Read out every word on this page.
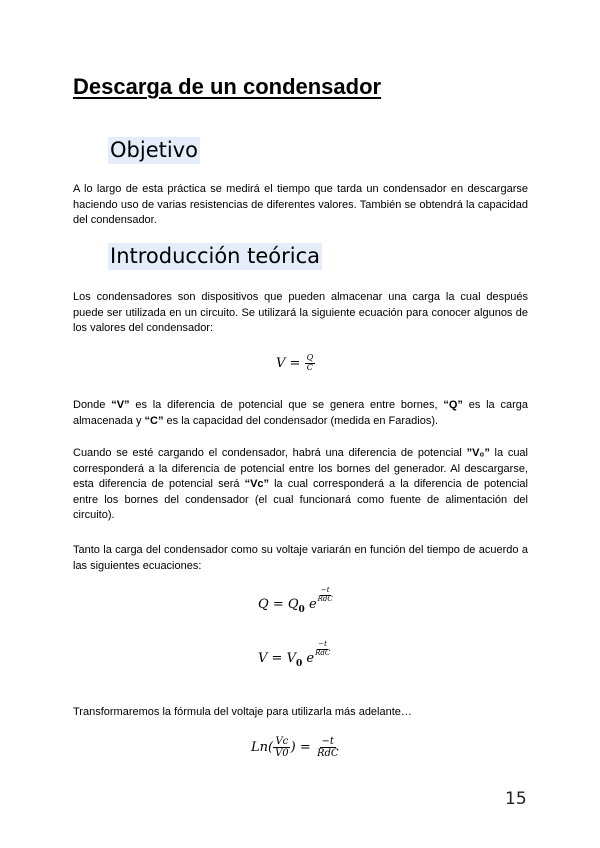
Descarga de un condensador
Objetivo

A lo largo de esta práctica se medirá el tiempo que tarda un condensador en descargarse haciendo uso de varias resistencias de diferentes valores. También se obtendrá la capacidad del condensador.

Introducción teórica

Los condensadores son dispositivos que pueden almacenar una carga la cual después puede ser utilizada en un circuito. Se utilizará la siguiente ecuación para conocer algunos de los valores del condensador:

$V = \frac{Q}{C}$

Donde “V” es la diferencia de potencial que se genera entre bornes, “Q” es la carga almacenada y “C” es la capacidad del condensador (medida en Faradios).

Cuando se esté cargando el condensador, habrá una diferencia de potencial ”V₀” la cual corresponderá a la diferencia de potencial entre los bornes del generador. Al descargarse, esta diferencia de potencial será “Vc” la cual corresponderá a la diferencia de potencial entre los bornes del condensador (el cual funcionará como fuente de alimentación del circuito).

Tanto la carga del condensador como su voltaje variarán en función del tiempo de acuerdo a las siguientes ecuaciones:

$Q = Q_0$ e
$\frac{-t}{\text{RdC}}$
$V = V_0$ e
$\frac{-t}{\text{RdC}}$

Transformaremos la fórmula del voltaje para utilizarla más adelante…

$Ln( \frac{Vc}{V0}$ ) = $\frac{-t}{\text{RdC}}$
15
